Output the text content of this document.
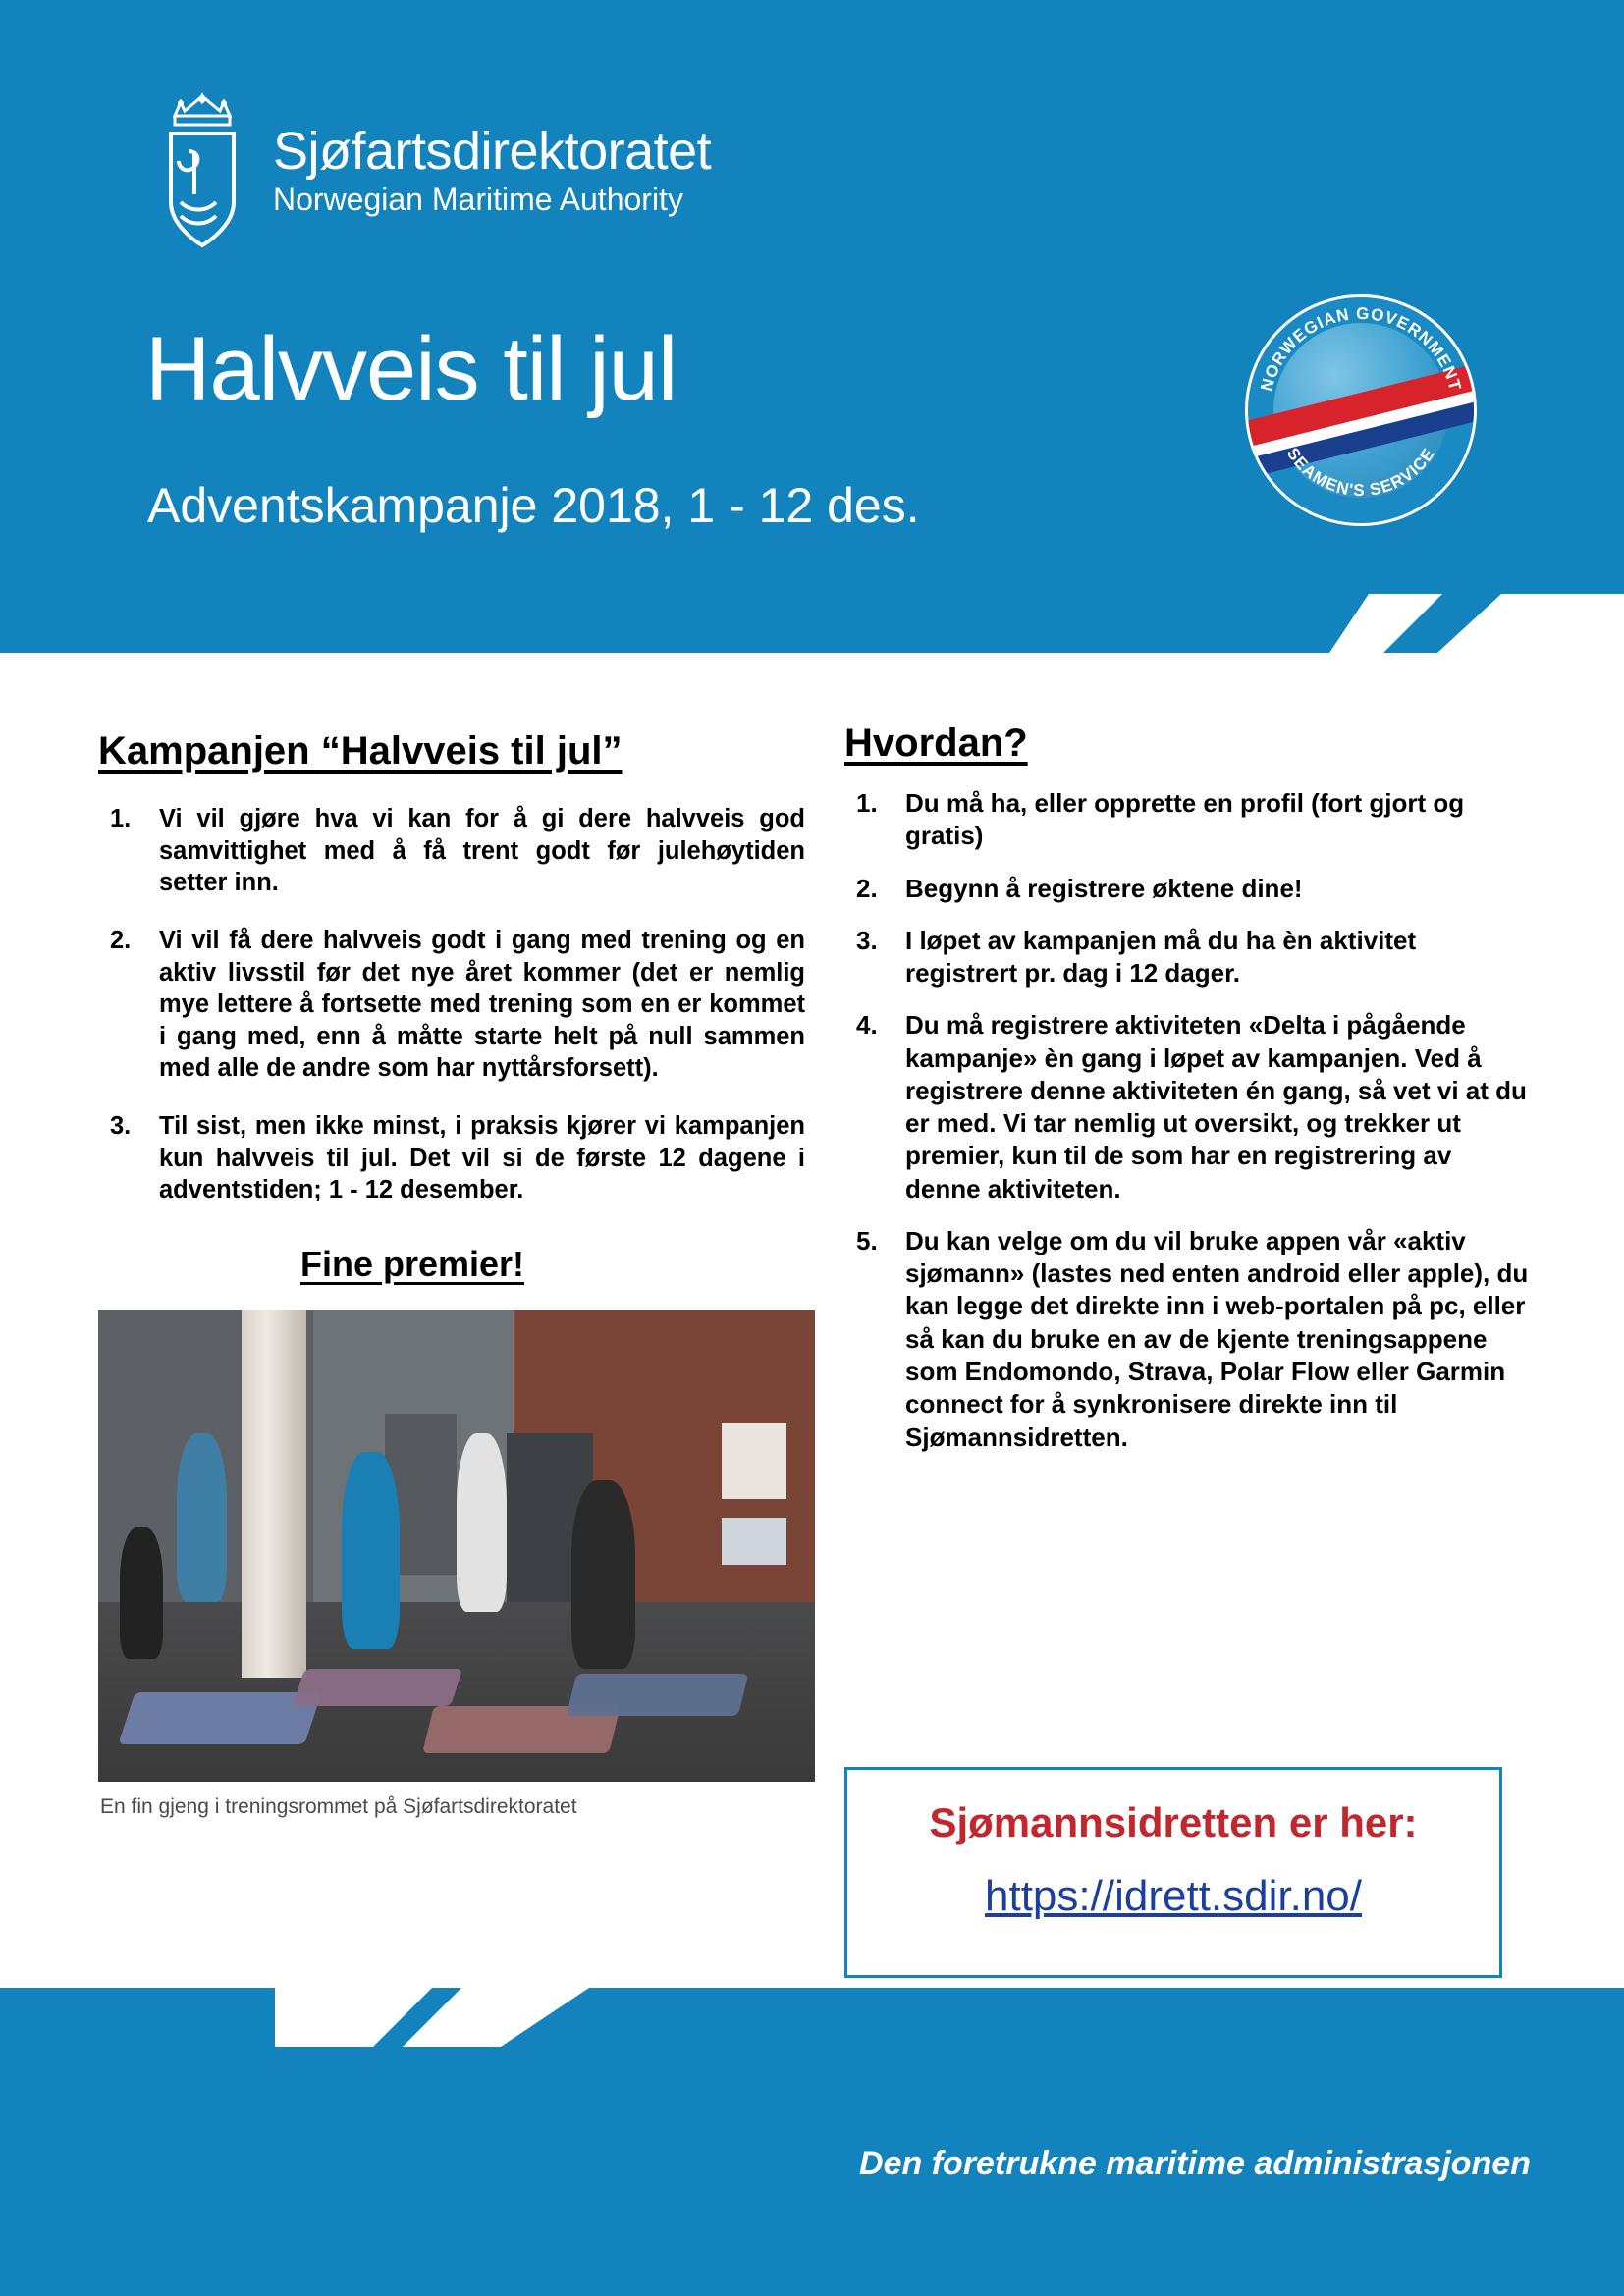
Sjøfartsdirektoratet
Norwegian Maritime Authority
Halvveis til jul
Adventskampanje 2018, 1 - 12 des.
NORWEGIAN GOVERNMENT
SEAMEN'S SERVICE
Kampanjen “Halvveis til jul”
1.	Vi vil gjøre hva vi kan for å gi dere halvveis god samvittighet med å få trent godt før julehøytiden setter inn.
2.	Vi vil få dere halvveis godt i gang med trening og en aktiv livsstil før det nye året kommer (det er nemlig mye lettere å fortsette med trening som en er kommet i gang med, enn å måtte starte helt på null sammen med alle de andre som har nyttårsforsett).
3.	Til sist, men ikke minst, i praksis kjører vi kampanjen kun halvveis til jul. Det vil si de første 12 dagene i adventstiden; 1 - 12 desember.
Fine premier!
En fin gjeng i treningsrommet på Sjøfartsdirektoratet
Hvordan?
1.	Du må ha, eller opprette en profil (fort gjort og gratis)
2.	Begynn å registrere øktene dine!
3.	I løpet av kampanjen må du ha èn aktivitet registrert pr. dag i 12 dager.
4.	Du må registrere aktiviteten «Delta i pågående kampanje» èn gang i løpet av kampanjen. Ved å registrere denne aktiviteten én gang, så vet vi at du er med. Vi tar nemlig ut oversikt, og trekker ut premier, kun til de som har en registrering av denne aktiviteten.
5.	Du kan velge om du vil bruke appen vår «aktiv sjømann» (lastes ned enten android eller apple), du kan legge det direkte inn i web-portalen på pc, eller så kan du bruke en av de kjente treningsappene som Endomondo, Strava, Polar Flow eller Garmin connect for å synkronisere direkte inn til Sjømannsidretten.
Sjømannsidretten er her:
https://idrett.sdir.no/
Den foretrukne maritime administrasjonen
